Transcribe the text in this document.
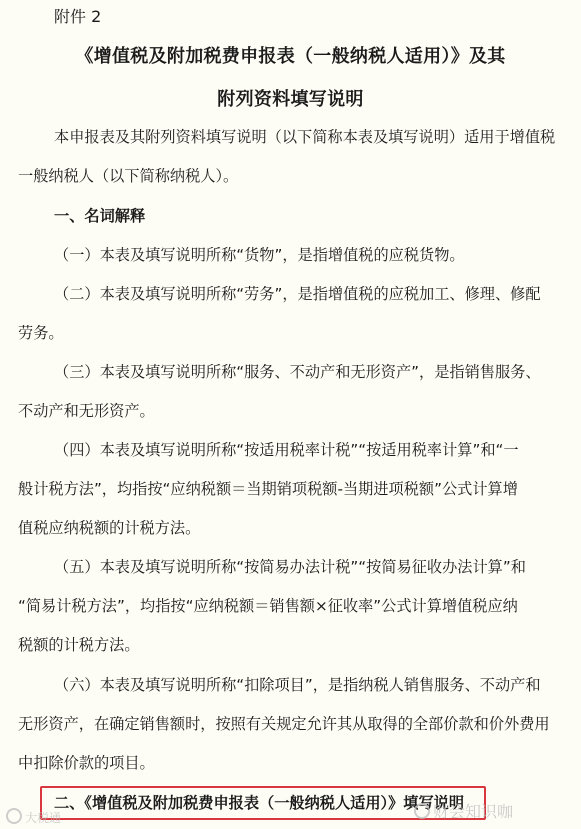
附件 2
《增值税及附加税费申报表（一般纳税人适用）》及其
附列资料填写说明
本申报表及其附列资料填写说明（以下简称本表及填写说明）适用于增值税
一般纳税人（以下简称纳税人）。
一、名词解释
（一）本表及填写说明所称“货物”，是指增值税的应税货物。
（二）本表及填写说明所称“劳务”，是指增值税的应税加工、修理、修配
劳务。
（三）本表及填写说明所称“服务、不动产和无形资产”，是指销售服务、
不动产和无形资产。
（四）本表及填写说明所称“按适用税率计税”“按适用税率计算”和“一
般计税方法”，均指按“应纳税额＝当期销项税额-当期进项税额”公式计算增
值税应纳税额的计税方法。
（五）本表及填写说明所称“按简易办法计税”“按简易征收办法计算”和
“简易计税方法”，均指按“应纳税额＝销售额×征收率”公式计算增值税应纳
税额的计税方法。
（六）本表及填写说明所称“扣除项目”，是指纳税人销售服务、不动产和
无形资产，在确定销售额时，按照有关规定允许其从取得的全部价款和价外费用
中扣除价款的项目。
二、《增值税及附加税费申报表（一般纳税人适用）》填写说明
大税通	财会知识咖
